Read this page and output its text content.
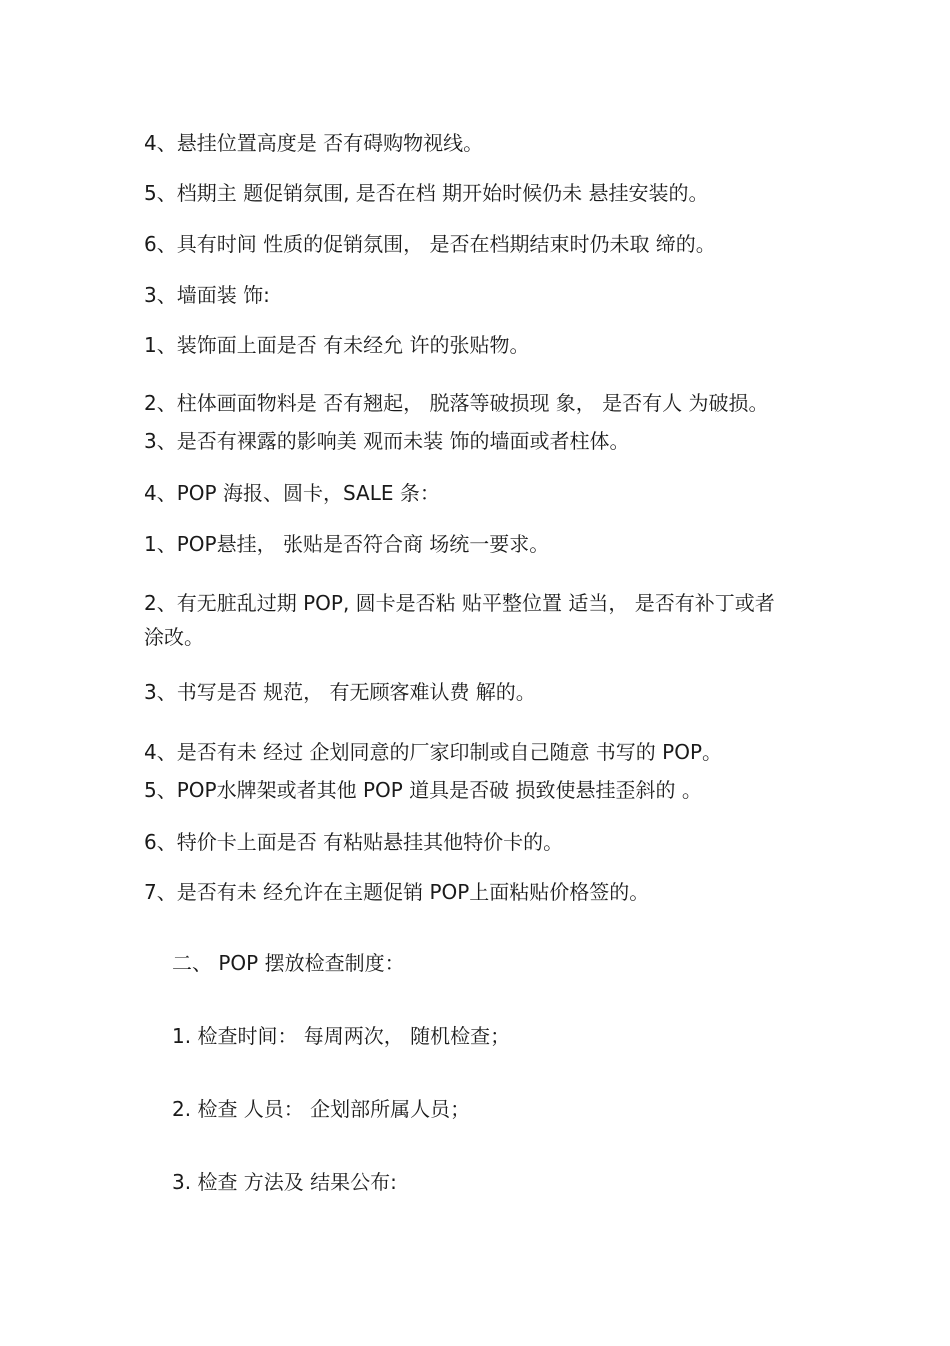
4、悬挂位置高度是 否有碍购物视线。
5、档期主 题促销氛围, 是否在档 期开始时候仍未 悬挂安装的。
6、具有时间 性质的促销氛围， 是否在档期结束时仍未取 缔的。
3、墙面装 饰:
1、装饰面上面是否 有未经允 许的张贴物。
2、柱体画面物料是 否有翘起， 脱落等破损现 象， 是否有人 为破损。
3、是否有裸露的影响美 观而未装 饰的墙面或者柱体。
4、POP 海报、圆卡，SALE 条：
1、POP悬挂， 张贴是否符合商 场统一要求。
2、有无脏乱过期 POP, 圆卡是否粘 贴平整位置 适当， 是否有补丁或者涂改。
3、书写是否 规范， 有无顾客难认费 解的。
4、是否有未 经过 企划同意的厂家印制或自己随意 书写的 POP。
5、POP水牌架或者其他 POP 道具是否破 损致使悬挂歪斜的 。
6、特价卡上面是否 有粘贴悬挂其他特价卡的。
7、是否有未 经允许在主题促销 POP上面粘贴价格签的。
二、 POP 摆放检查制度：
1. 检查时间： 每周两次， 随机检查；
2. 检查 人员： 企划部所属人员；
3. 检查 方法及 结果公布:
